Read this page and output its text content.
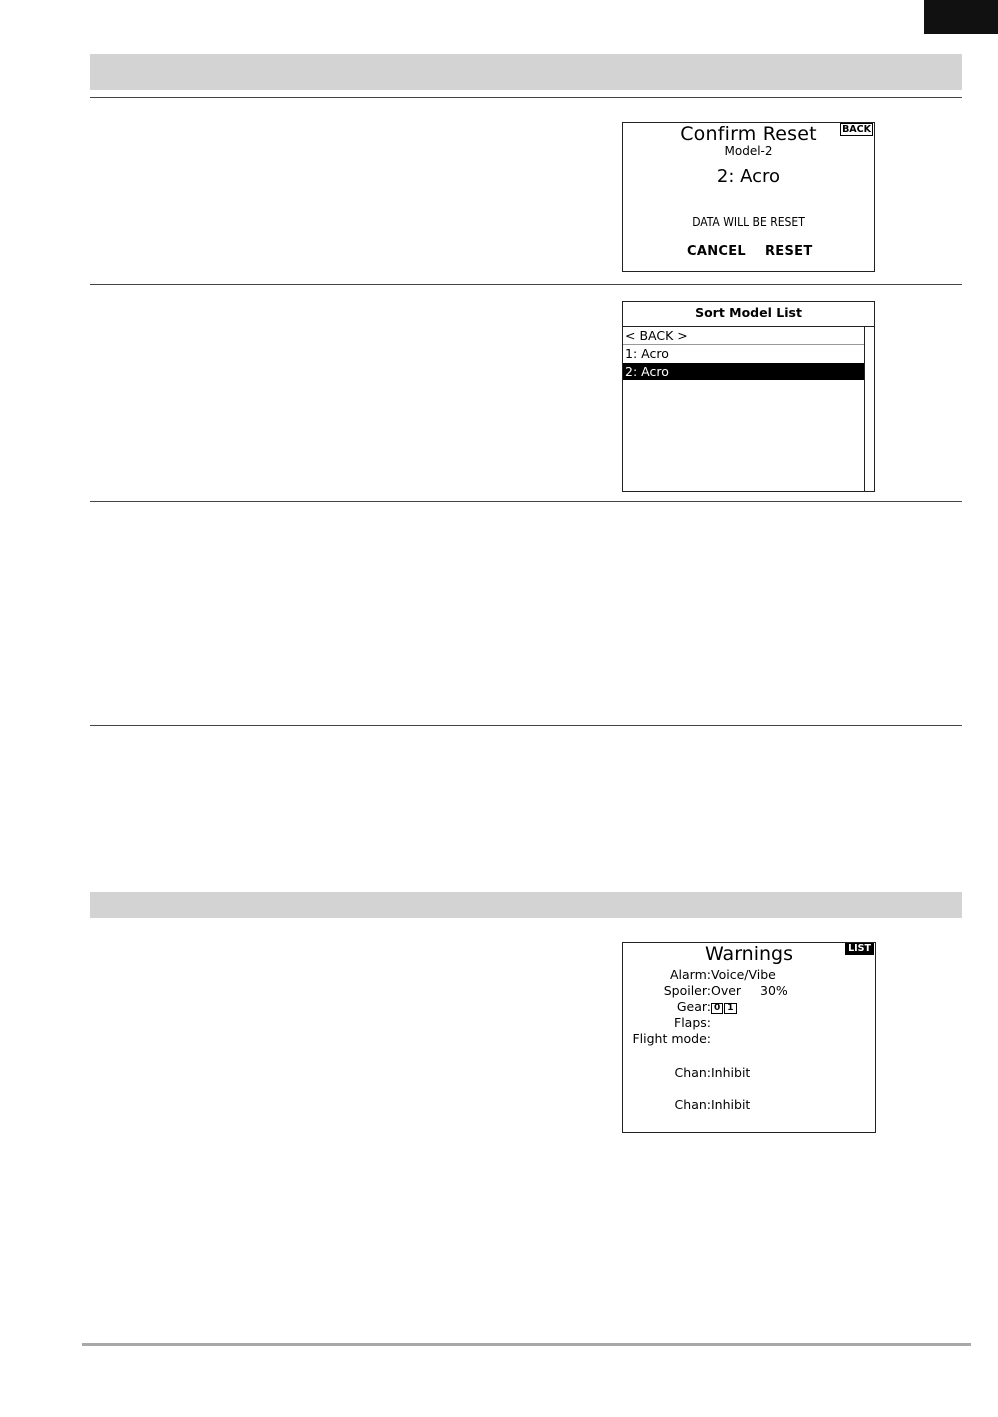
Confirm Reset	BACK
Model-2
2: Acro
DATA WILL BE RESET
CANCEL RESET
Sort Model List
< BACK >
1: Acro
2: Acro
Warnings	LIST
Alarm: Voice/Vibe
Spoiler: Over 30%
Gear: 0 1
Flaps:
Flight mode:
Chan: Inhibit
Chan: Inhibit
